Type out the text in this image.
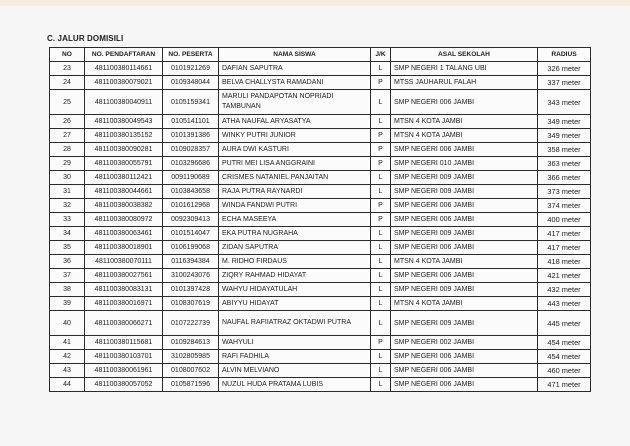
C. JALUR DOMISILI
NO	NO. PENDAFTARAN	NO. PESERTA	NAMA SISWA	J/K	ASAL SEKOLAH	RADIUS
23	481100380114661	0101921269	DAFIAN SAPUTRA	L	SMP NEGERI 1 TALANG UBI	326 meter
24	481100380079021	0109348044	BELVA CHALLYSTA RAMADANI	P	MTSS JAUHARUL FALAH	337 meter
25	481100380040911	0105159341	MARULI PANDAPOTAN NOPRIADI TAMBUNAN	L	SMP NEGERI 006 JAMBI	343 meter
26	481100380049543	0105141101	ATHA NAUFAL ARYASATYA	L	MTSN 4 KOTA JAMBI	349 meter
27	481100380135152	0101391386	WINKY PUTRI JUNIOR	P	MTSN 4 KOTA JAMBI	349 meter
28	481100380090281	0109028357	AURA DWI KASTURI	P	SMP NEGERI 006 JAMBI	358 meter
29	481100380055791	0103296686	PUTRI MEI LISA ANGGRAINI	P	SMP NEGERI 010 JAMBI	363 meter
30	481100380112421	0091190689	CRISMES NATANIEL PANJAITAN	L	SMP NEGERI 009 JAMBI	366 meter
31	481100380044661	0103843658	RAJA PUTRA RAYNARDI	L	SMP NEGERI 009 JAMBI	373 meter
32	481100380038382	0101612968	WINDA FANDWI PUTRI	P	SMP NEGERI 006 JAMBI	374 meter
33	481100380080972	0092309413	ECHA MASEEYA	P	SMP NEGERI 006 JAMBI	400 meter
34	481100380063461	0101514047	EKA PUTRA NUGRAHA	L	SMP NEGERI 009 JAMBI	417 meter
35	481100380018901	0106199068	ZIDAN SAPUTRA	L	SMP NEGERI 006 JAMBI	417 meter
36	481100380070111	0116394384	M. RIDHO FIRDAUS	L	MTSN 4 KOTA JAMBI	418 meter
37	481100380027561	3100243076	ZIQRY RAHMAD HIDAYAT	L	SMP NEGERI 006 JAMBI	421 meter
38	481100380083131	0101397428	WAHYU HIDAYATULAH	L	SMP NEGERI 009 JAMBI	432 meter
39	481100380016971	0108307619	ABIYYU HIDAYAT	L	MTSN 4 KOTA JAMBI	443 meter
40	481100380066271	0107222739	NAUFAL RAFIIATRAZ OKTADWI PUTRA	L	SMP NEGERI 009 JAMBI	445 meter
41	481100380115681	0109284613	WAHYULI	P	SMP NEGERI 002 JAMBI	454 meter
42	481100380103701	3102805985	RAFI FADHILA	L	SMP NEGERI 006 JAMBI	454 meter
43	481100380061961	0108007602	ALVIN MELVIANO	L	SMP NEGERI 006 JAMBI	460 meter
44	481100380057052	0105871596	NUZUL HUDA PRATAMA LUBIS	L	SMP NEGERI 006 JAMBI	471 meter
